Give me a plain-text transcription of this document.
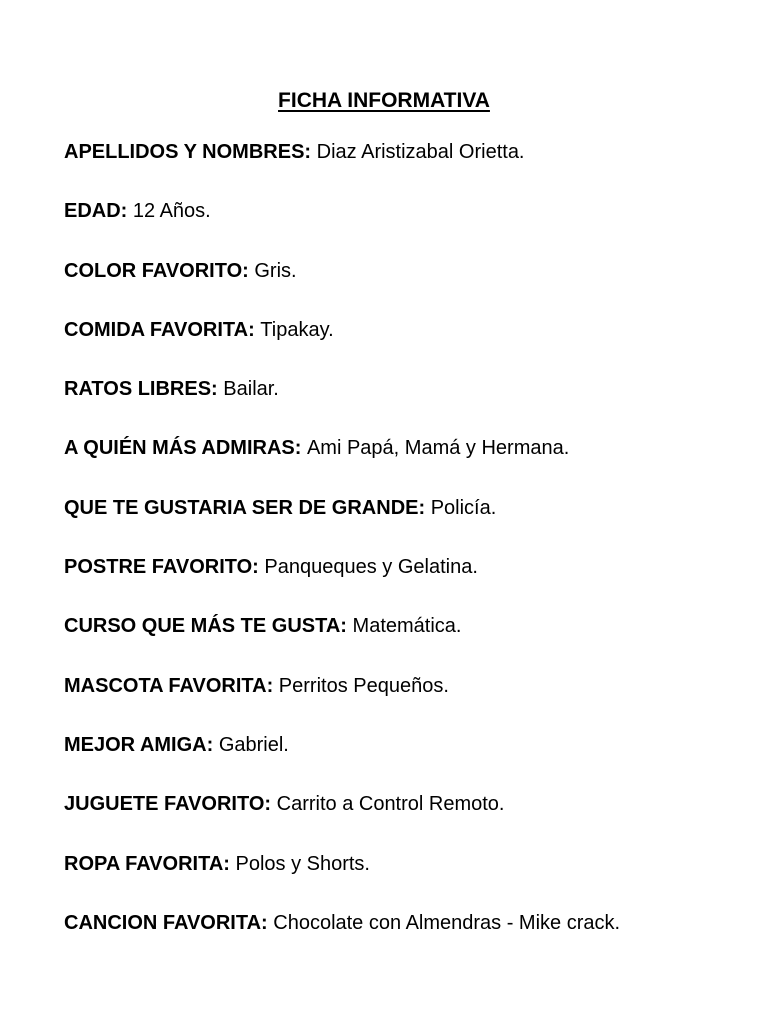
FICHA INFORMATIVA
APELLIDOS Y NOMBRES: Diaz Aristizabal Orietta.
EDAD: 12 Años.
COLOR FAVORITO: Gris.
COMIDA FAVORITA: Tipakay.
RATOS LIBRES: Bailar.
A QUIÉN MÁS ADMIRAS: Ami Papá, Mamá y Hermana.
QUE TE GUSTARIA SER DE GRANDE: Policía.
POSTRE FAVORITO: Panqueques y Gelatina.
CURSO QUE MÁS TE GUSTA: Matemática.
MASCOTA FAVORITA: Perritos Pequeños.
MEJOR AMIGA: Gabriel.
JUGUETE FAVORITO: Carrito a Control Remoto.
ROPA FAVORITA: Polos y Shorts.
CANCION FAVORITA: Chocolate con Almendras - Mike crack.
